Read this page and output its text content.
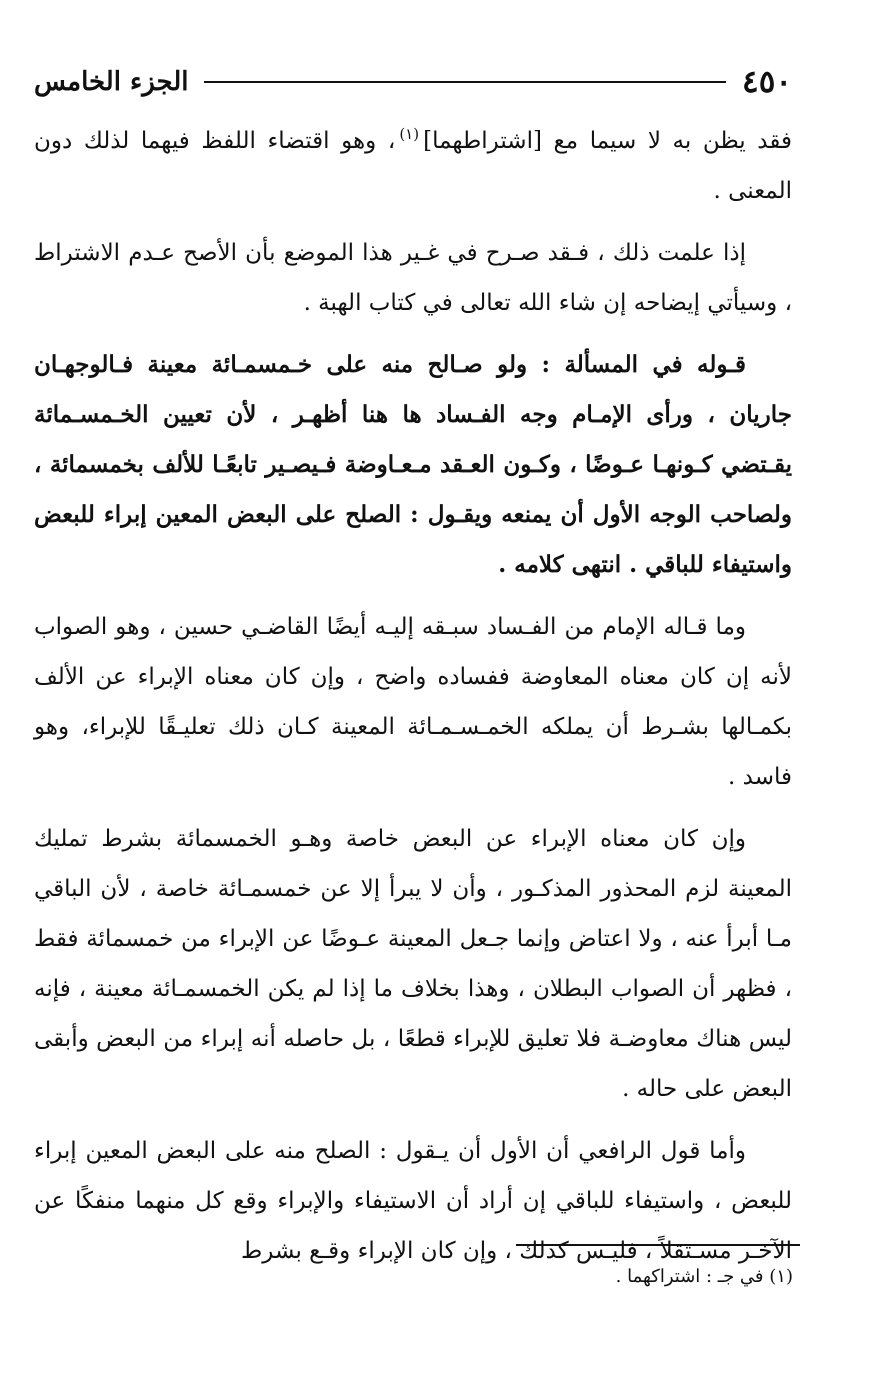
٤٥٠
الجزء الخامس

فقد يظن به لا سيما مع [اشتراطهما]$^{(١)}$، وهو اقتضاء اللفظ فيهما لذلك دون المعنى .

إذا علمت ذلك ، فـقد صـرح في غـير هذا الموضع بأن الأصح عـدم الاشتراط ، وسيأتي إيضاحه إن شاء الله تعالى في كتاب الهبة .

قـوله في المسألة : ولو صـالح منه على خـمسمـائة معينة فـالوجهـان جاريان ، ورأى الإمـام وجه الفـساد ها هنا أظهـر ، لأن تعيين الخـمسـمائة يقـتضي كـونهـا عـوضًا ، وكـون العـقد مـعـاوضة فـيصـير تابعًـا للألف بخمسمائة ، ولصاحب الوجه الأول أن يمنعه ويقـول : الصلح على البعض المعين إبراء للبعض واستيفاء للباقي . انتهى كلامه .

وما قـاله الإمام من الفـساد سبـقه إليـه أيضًا القاضـي حسين ، وهو الصواب لأنه إن كان معناه المعاوضة ففساده واضح ، وإن كان معناه الإبراء عن الألف بكمـالها بشـرط أن يملكه الخمـسـمـائة المعينة كـان ذلك تعليـقًا للإبراء، وهو فاسد .

وإن كان معناه الإبراء عن البعض خاصة وهـو الخمسمائة بشرط تمليك المعينة لزم المحذور المذكـور ، وأن لا يبرأ إلا عن خمسمـائة خاصة ، لأن الباقي مـا أبرأ عنه ، ولا اعتاض وإنما جـعل المعينة عـوضًا عن الإبراء من خمسمائة فقط ، فظهر أن الصواب البطلان ، وهذا بخلاف ما إذا لم يكن الخمسمـائة معينة ، فإنه ليس هناك معاوضـة فلا تعليق للإبراء قطعًا ، بل حاصله أنه إبراء من البعض وأبقى البعض على حاله .

وأما قول الرافعي أن الأول أن يـقول : الصلح منه على البعض المعين إبراء للبعض ، واستيفاء للباقي إن أراد أن الاستيفاء والإبراء وقع كل منهما منفكًا عن الآخـر مسـتقلاً ، فليـس كذلك ، وإن كان الإبراء وقـع بشرط

(١) في جـ : اشتراكهما .
